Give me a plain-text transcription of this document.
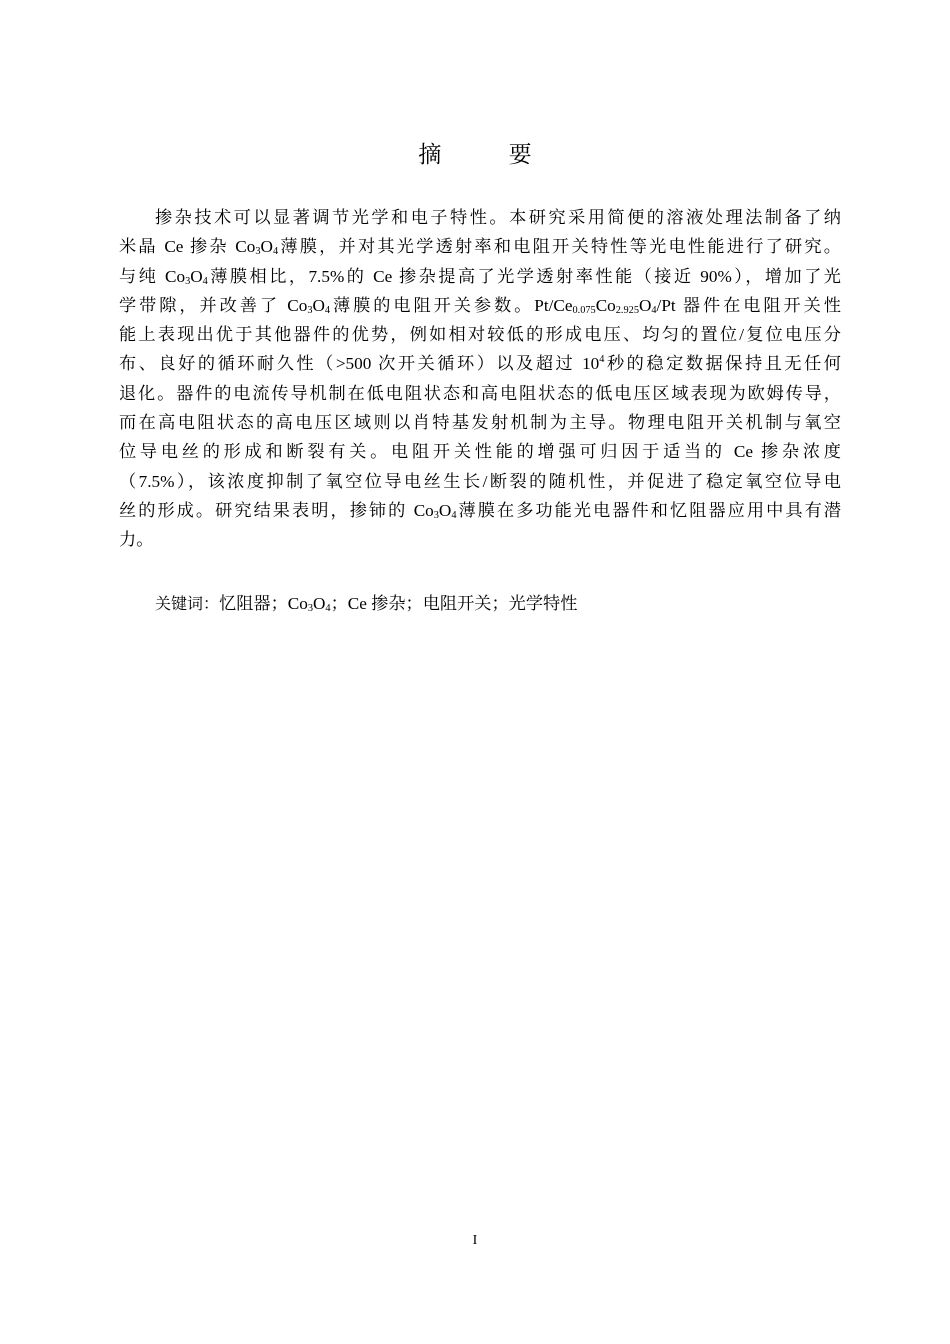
摘 要
掺杂技术可以显著调节光学和电子特性。本研究采用简便的溶液处理法制备了纳
米晶 Ce 掺杂 $Co_3O_4$薄膜，并对其光学透射率和电阻开关特性等光电性能进行了研究。
与纯 $Co_3O_4$薄膜相比，7.5%的 Ce 掺杂提高了光学透射率性能（接近 90%），增加了光
学带隙，并改善了 $Co_3O_4$薄膜的电阻开关参数。$Pt/Ce_{0.075}Co_{2.925}O_4/Pt$ 器件在电阻开关性
能上表现出优于其他器件的优势，例如相对较低的形成电压、均匀的置位/复位电压分
布、良好的循环耐久性（>500 次开关循环）以及超过 $10^4$秒的稳定数据保持且无任何
退化。器件的电流传导机制在低电阻状态和高电阻状态的低电压区域表现为欧姆传导，
而在高电阻状态的高电压区域则以肖特基发射机制为主导。物理电阻开关机制与氧空
位导电丝的形成和断裂有关。电阻开关性能的增强可归因于适当的 Ce 掺杂浓度
（7.5%），该浓度抑制了氧空位导电丝生长/断裂的随机性，并促进了稳定氧空位导电
丝的形成。研究结果表明，掺铈的 $Co_3O_4$薄膜在多功能光电器件和忆阻器应用中具有潜
力。
关键词：忆阻器；$Co_3O_4$；Ce 掺杂；电阻开关；光学特性
I
